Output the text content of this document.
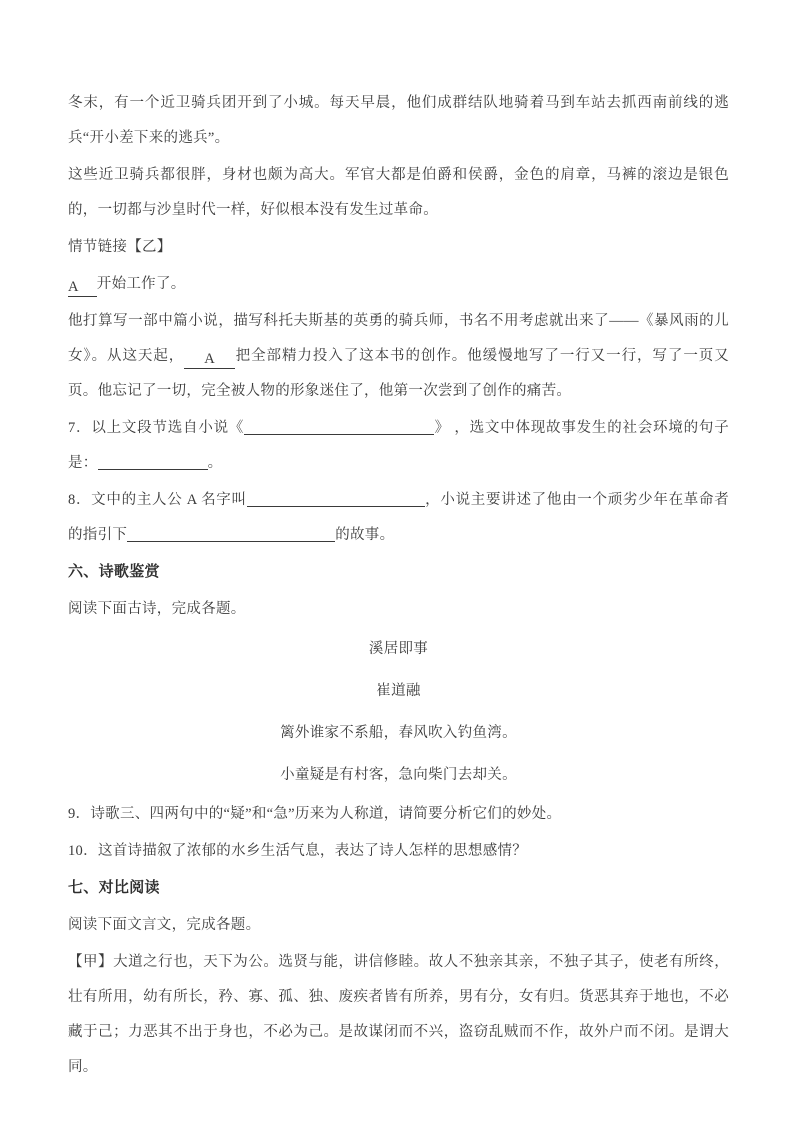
冬末，有一个近卫骑兵团开到了小城。每天早晨，他们成群结队地骑着马到车站去抓西南前线的逃兵“开小差下来的逃兵”。

这些近卫骑兵都很胖，身材也颇为高大。军官大都是伯爵和侯爵，金色的肩章，马裤的滚边是银色的，一切都与沙皇时代一样，好似根本没有发生过革命。

情节链接【乙】

A 开始工作了。

他打算写一部中篇小说，描写科托夫斯基的英勇的骑兵师，书名不用考虑就出来了——《暴风雨的儿女》。从这天起， A 把全部精力投入了这本书的创作。他缓慢地写了一行又一行，写了一页又页。他忘记了一切，完全被人物的形象迷住了，他第一次尝到了创作的痛苦。

7．以上文段节选自小说《	》 ，选文中体现故事发生的社会环境的句子是：	。

8．文中的主人公 A 名字叫	，小说主要讲述了他由一个顽劣少年在革命者的指引下	的故事。

六、诗歌鉴赏

阅读下面古诗，完成各题。

溪居即事

崔道融

篱外谁家不系船，春风吹入钓鱼湾。

小童疑是有村客，急向柴门去却关。

9．诗歌三、四两句中的“疑”和“急”历来为人称道，请简要分析它们的妙处。

10．这首诗描叙了浓郁的水乡生活气息，表达了诗人怎样的思想感情？

七、对比阅读

阅读下面文言文，完成各题。

【甲】大道之行也，天下为公。选贤与能，讲信修睦。故人不独亲其亲，不独子其子，使老有所终，壮有所用，幼有所长，矜、寡、孤、独、废疾者皆有所养，男有分，女有归。货恶其弃于地也，不必藏于己；力恶其不出于身也，不必为己。是故谋闭而不兴，盗窃乱贼而不作，故外户而不闭。是谓大同。
